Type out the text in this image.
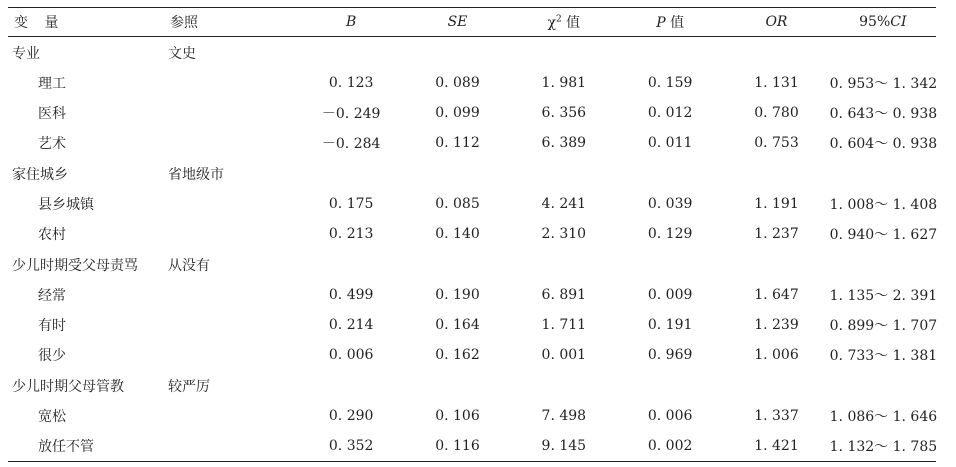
变 量	参照	B	SE	$\chi^2$ 值	P 值	OR	95%CI
专业	文史						
理工		0. 123	0. 089	1. 981	0. 159	1. 131	0. 953～ 1. 342
医科		－0. 249	0. 099	6. 356	0. 012	0. 780	0. 643～ 0. 938
艺术		－0. 284	0. 112	6. 389	0. 011	0. 753	0. 604～ 0. 938
家住城乡	省地级市						
县乡城镇		0. 175	0. 085	4. 241	0. 039	1. 191	1. 008～ 1. 408
农村		0. 213	0. 140	2. 310	0. 129	1. 237	0. 940～ 1. 627
少儿时期受父母责骂	从没有						
经常		0. 499	0. 190	6. 891	0. 009	1. 647	1. 135～ 2. 391
有时		0. 214	0. 164	1. 711	0. 191	1. 239	0. 899～ 1. 707
很少		0. 006	0. 162	0. 001	0. 969	1. 006	0. 733～ 1. 381
少儿时期父母管教	较严厉						
宽松		0. 290	0. 106	7. 498	0. 006	1. 337	1. 086～ 1. 646
放任不管		0. 352	0. 116	9. 145	0. 002	1. 421	1. 132～ 1. 785
